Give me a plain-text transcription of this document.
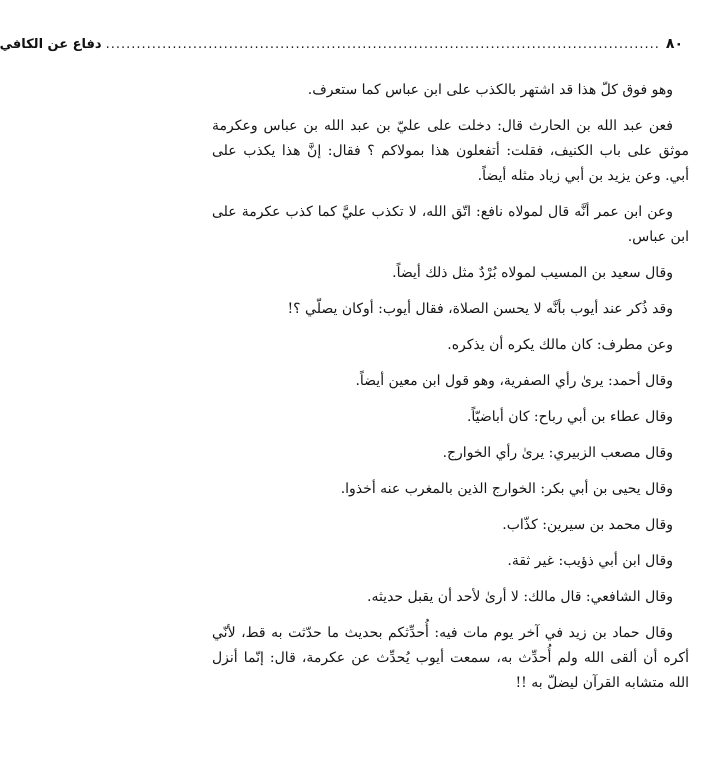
٨٠
............................................................................................................
دفاع عن الكافي

وهو فوق كلّ هذا قد اشتهر بالكذب على ابن عباس كما ستعرف.

فعن عبد الله بن الحارث قال: دخلت على عليّ بن عبد الله بن عباس وعكرمة موثق على باب الكنيف، فقلت: أتفعلون هذا بمولاكم ؟ فقال: إنَّ هذا يكذب على أبي. وعن يزيد بن أبي زياد مثله أيضاً.

وعن ابن عمر أنَّه قال لمولاه نافع: اتّق الله، لا تكذب عليَّ كما كذب عكرمة على ابن عباس.

وقال سعيد بن المسيب لمولاه بُرْدٌ مثل ذلك أيضاً.

وقد ذُكر عند أيوب بأنَّه لا يحسن الصلاة، فقال أيوب: أوكان يصلّي ؟!

وعن مطرف: كان مالك يكره أن يذكره.

وقال أحمد: يرىٰ رأي الصفرية، وهو قول ابن معين أيضاً.

وقال عطاء بن أبي رباح: كان أباضيّاً.

وقال مصعب الزبيري: يرىٰ رأي الخوارج.

وقال يحيى بن أبي بكر: الخوارج الذين بالمغرب عنه أخذوا.

وقال محمد بن سيرين: كذّاب.

وقال ابن أبي ذؤيب: غير ثقة.

وقال الشافعي: قال مالك: لا أرىٰ لأحد أن يقبل حديثه.

وقال حماد بن زيد في آخر يوم مات فيه: أُحدِّثكم بحديث ما حدّثت به قط، لأنّي أكره أن ألقى الله ولم أُحدِّث به، سمعت أيوب يُحدِّث عن عكرمة، قال: إنّما أنزل الله متشابه القرآن ليضلّ به !!
